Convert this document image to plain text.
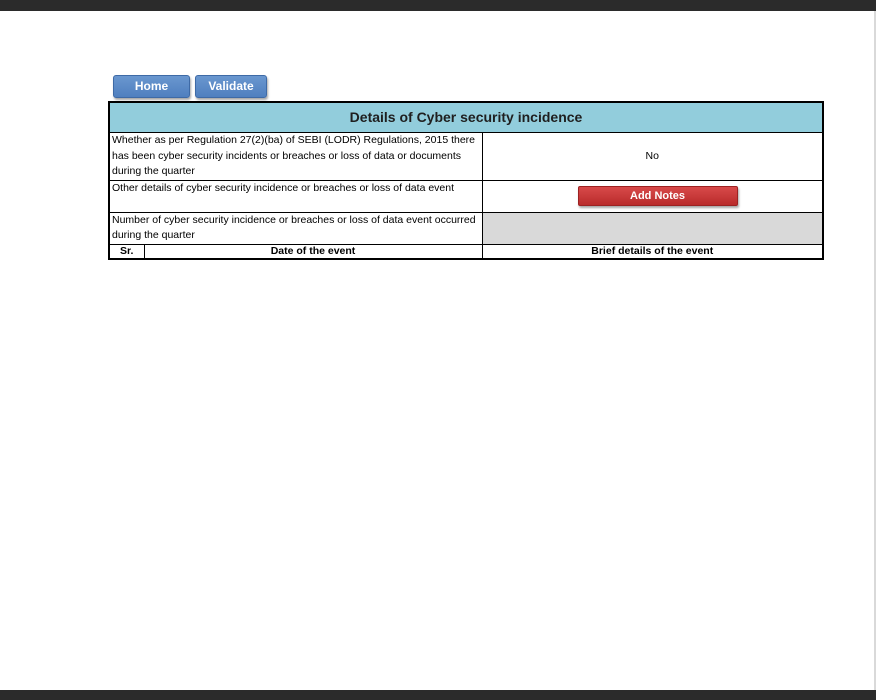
Home	Validate
Details of Cyber security incidence		
Whether as per Regulation 27(2)(ba) of SEBI (LODR) Regulations, 2015 there has been cyber security incidents or breaches or loss of data or documents during the quarter		No
Other details of cyber security incidence or breaches or loss of data event		Add Notes

Number of cyber security incidence or breaches or loss of data event occurred during the quarter		
Sr.	Date of the event	Brief details of the event
